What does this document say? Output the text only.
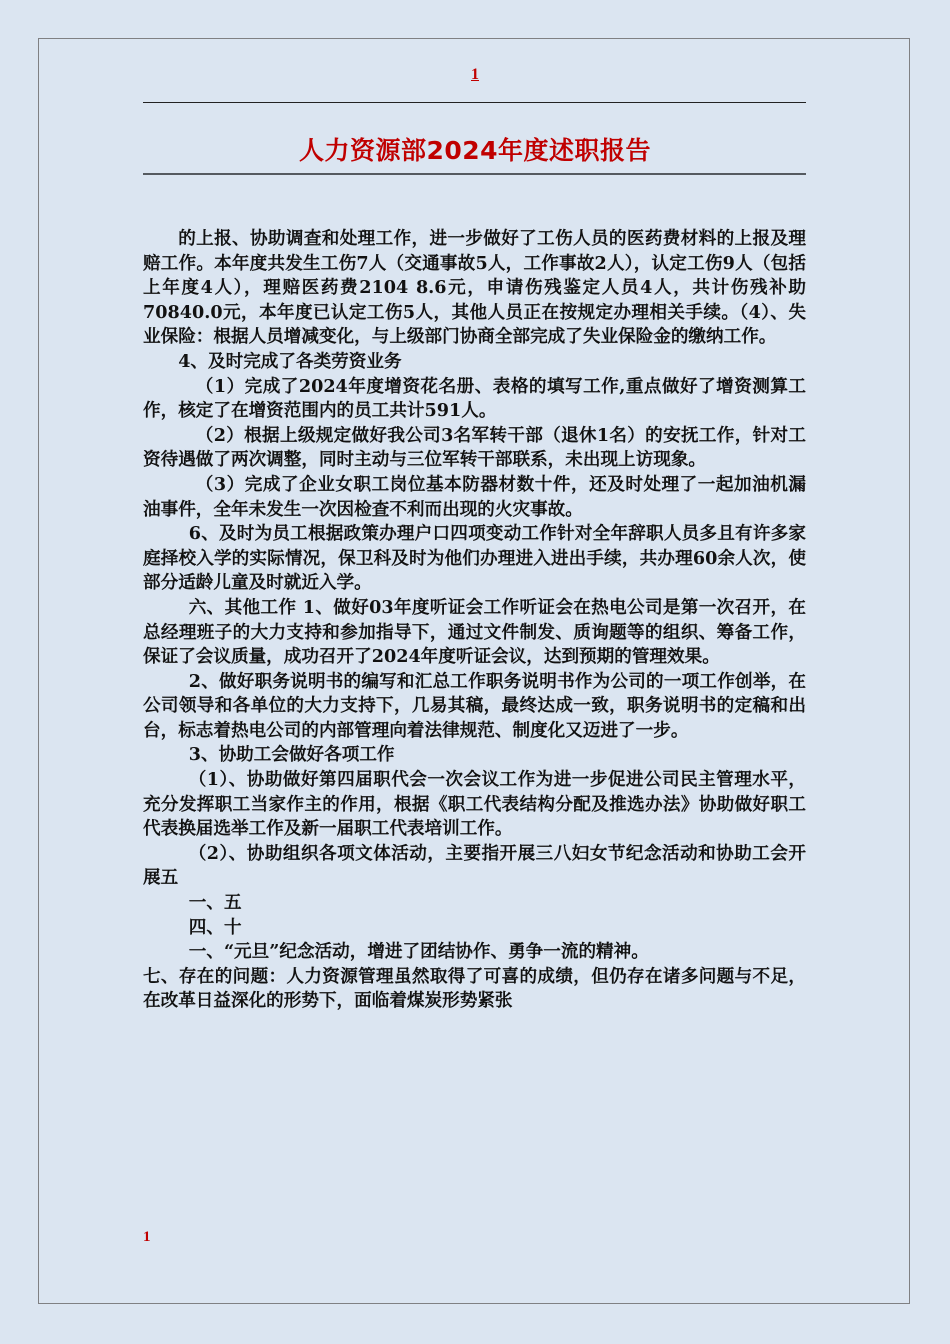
1
人力资源部2024年度述职报告

的上报、协助调查和处理工作，进一步做好了工伤人员的医药费材料的上报及理赔工作。本年度共发生工伤7人（交通事故5人，工作事故2人），认定工伤9人（包括上年度4人），理赔医药费2104 8.6元，申请伤残鉴定人员4人，共计伤残补助70840.0元，本年度已认定工伤5人，其他人员正在按规定办理相关手续。（4）、失业保险：根据人员增减变化，与上级部门协商全部完成了失业保险金的缴纳工作。

4、及时完成了各类劳资业务

（1）完成了2024年度增资花名册、表格的填写工作,重点做好了增资测算工作，核定了在增资范围内的员工共计591人。

（2）根据上级规定做好我公司3名军转干部（退休1名）的安抚工作，针对工资待遇做了两次调整，同时主动与三位军转干部联系，未出现上访现象。

（3）完成了企业女职工岗位基本防器材数十件，还及时处理了一起加油机漏油事件，全年未发生一次因检查不利而出现的火灾事故。

6、及时为员工根据政策办理户口四项变动工作针对全年辞职人员多且有许多家庭择校入学的实际情况，保卫科及时为他们办理进入进出手续，共办理60余人次，使部分适龄儿童及时就近入学。

六、其他工作 1、做好03年度听证会工作听证会在热电公司是第一次召开，在总经理班子的大力支持和参加指导下，通过文件制发、质询题等的组织、筹备工作，保证了会议质量，成功召开了2024年度听证会议，达到预期的管理效果。

2、做好职务说明书的编写和汇总工作职务说明书作为公司的一项工作创举，在公司领导和各单位的大力支持下，几易其稿，最终达成一致，职务说明书的定稿和出台，标志着热电公司的内部管理向着法律规范、制度化又迈进了一步。

3、协助工会做好各项工作

（1）、协助做好第四届职代会一次会议工作为进一步促进公司民主管理水平，充分发挥职工当家作主的作用，根据《职工代表结构分配及推选办法》协助做好职工代表换届选举工作及新一届职工代表培训工作。

（2）、协助组织各项文体活动，主要指开展三八妇女节纪念活动和协助工会开展五

一、五

四、十

一、“元旦”纪念活动，增进了团结协作、勇争一流的精神。

七、存在的问题：人力资源管理虽然取得了可喜的成绩，但仍存在诸多问题与不足，在改革日益深化的形势下，面临着煤炭形势紧张

1
